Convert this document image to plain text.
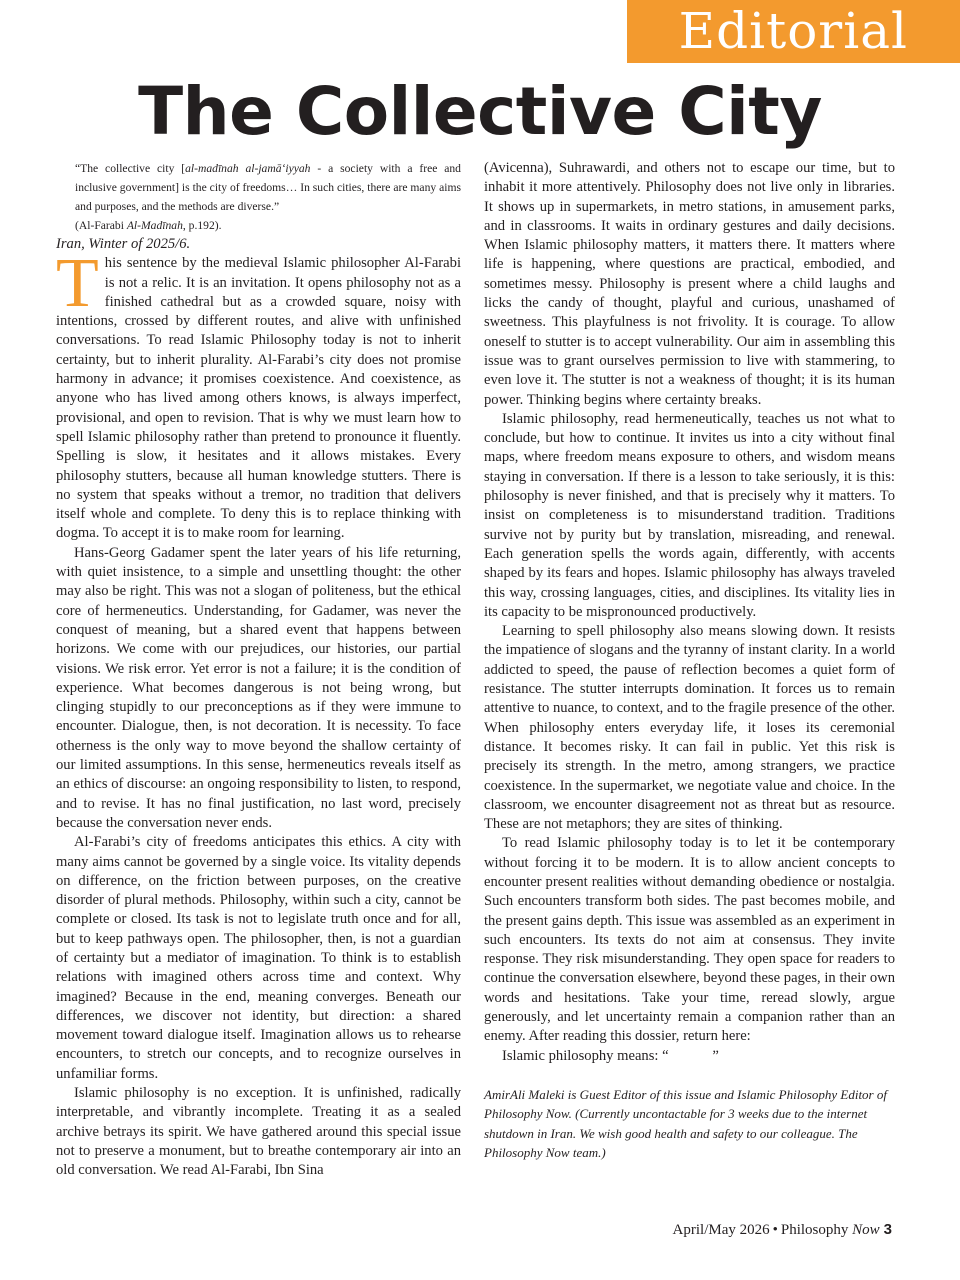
Editorial
The Collective City

“The collective city [al-madīnah al-jamā‘iyyah - a society with a free and inclusive government] is the city of freedoms… In such cities, there are many aims and purposes, and the methods are diverse.”

(Al-Farabi Al-Madīnah, p.192).

Iran, Winter of 2025/6.

This sentence by the medieval Islamic philosopher Al-Farabi is not a relic. It is an invitation. It opens philosophy not as a finished cathedral but as a crowded square, noisy with intentions, crossed by different routes, and alive with unfinished conversations. To read Islamic Philosophy today is not to inherit certainty, but to inherit plurality. Al-Farabi’s city does not promise harmony in advance; it promises coexistence. And coexistence, as anyone who has lived among others knows, is always imperfect, provisional, and open to revision. That is why we must learn how to spell Islamic philosophy rather than pretend to pronounce it fluently. Spelling is slow, it hesitates and it allows mistakes. Every philosophy stutters, because all human knowledge stutters. There is no system that speaks without a tremor, no tradition that delivers itself whole and complete. To deny this is to replace thinking with dogma. To accept it is to make room for learning.

Hans-Georg Gadamer spent the later years of his life returning, with quiet insistence, to a simple and unsettling thought: the other may also be right. This was not a slogan of politeness, but the ethical core of hermeneutics. Understanding, for Gadamer, was never the conquest of meaning, but a shared event that happens between horizons. We come with our prejudices, our histories, our partial visions. We risk error. Yet error is not a failure; it is the condition of experience. What becomes dangerous is not being wrong, but clinging stupidly to our preconceptions as if they were immune to encounter. Dialogue, then, is not decoration. It is necessity. To face otherness is the only way to move beyond the shallow certainty of our limited assumptions. In this sense, hermeneutics reveals itself as an ethics of discourse: an ongoing responsibility to listen, to respond, and to revise. It has no final justification, no last word, precisely because the conversation never ends.

Al-Farabi’s city of freedoms anticipates this ethics. A city with many aims cannot be governed by a single voice. Its vitality depends on difference, on the friction between purposes, on the creative disorder of plural methods. Philosophy, within such a city, cannot be complete or closed. Its task is not to legislate truth once and for all, but to keep pathways open. The philosopher, then, is not a guardian of certainty but a mediator of imagination. To think is to establish relations with imagined others across time and context. Why imagined? Because in the end, meaning converges. Beneath our differences, we discover not identity, but direction: a shared movement toward dialogue itself. Imagination allows us to rehearse encounters, to stretch our concepts, and to recognize ourselves in unfamiliar forms.

Islamic philosophy is no exception. It is unfinished, radically interpretable, and vibrantly incomplete. Treating it as a sealed archive betrays its spirit. We have gathered around this special issue not to preserve a monument, but to breathe contemporary air into an old conversation. We read Al-Farabi, Ibn Sina

(Avicenna), Suhrawardi, and others not to escape our time, but to inhabit it more attentively. Philosophy does not live only in libraries. It shows up in supermarkets, in metro stations, in amusement parks, and in classrooms. It waits in ordinary gestures and daily decisions. When Islamic philosophy matters, it matters there. It matters where life is happening, where questions are practical, embodied, and sometimes messy. Philosophy is present where a child laughs and licks the candy of thought, playful and curious, unashamed of sweetness. This playfulness is not frivolity. It is courage. To allow oneself to stutter is to accept vulnerability. Our aim in assembling this issue was to grant ourselves permission to live with stammering, to even love it. The stutter is not a weakness of thought; it is its human power. Thinking begins where certainty breaks.

Islamic philosophy, read hermeneutically, teaches us not what to conclude, but how to continue. It invites us into a city without final maps, where freedom means exposure to others, and wisdom means staying in conversation. If there is a lesson to take seriously, it is this: philosophy is never finished, and that is precisely why it matters. To insist on completeness is to misunderstand tradition. Traditions survive not by purity but by translation, misreading, and renewal. Each generation spells the words again, differently, with accents shaped by its fears and hopes. Islamic philosophy has always traveled this way, crossing languages, cities, and disciplines. Its vitality lies in its capacity to be mispronounced productively.

Learning to spell philosophy also means slowing down. It resists the impatience of slogans and the tyranny of instant clarity. In a world addicted to speed, the pause of reflection becomes a quiet form of resistance. The stutter interrupts domination. It forces us to remain attentive to nuance, to context, and to the fragile presence of the other. When philosophy enters everyday life, it loses its ceremonial distance. It becomes risky. It can fail in public. Yet this risk is precisely its strength. In the metro, among strangers, we practice coexistence. In the supermarket, we negotiate value and choice. In the classroom, we encounter disagreement not as threat but as resource. These are not metaphors; they are sites of thinking.

To read Islamic philosophy today is to let it be contemporary without forcing it to be modern. It is to allow ancient concepts to encounter present realities without demanding obedience or nostalgia. Such encounters transform both sides. The past becomes mobile, and the present gains depth. This issue was assembled as an experiment in such encounters. Its texts do not aim at consensus. They invite response. They risk misunderstanding. They open space for readers to continue the conversation elsewhere, beyond these pages, in their own words and hesitations. Take your time, reread slowly, argue generously, and let uncertainty remain a companion rather than an enemy. After reading this dossier, return here:

Islamic philosophy means: “            ”

AmirAli Maleki is Guest Editor of this issue and Islamic Philosophy Editor of Philosophy Now. (Currently uncontactable for 3 weeks due to the internet shutdown in Iran. We wish good health and safety to our colleague. The Philosophy Now team.)

April/May 2026 • Philosophy Now 3
